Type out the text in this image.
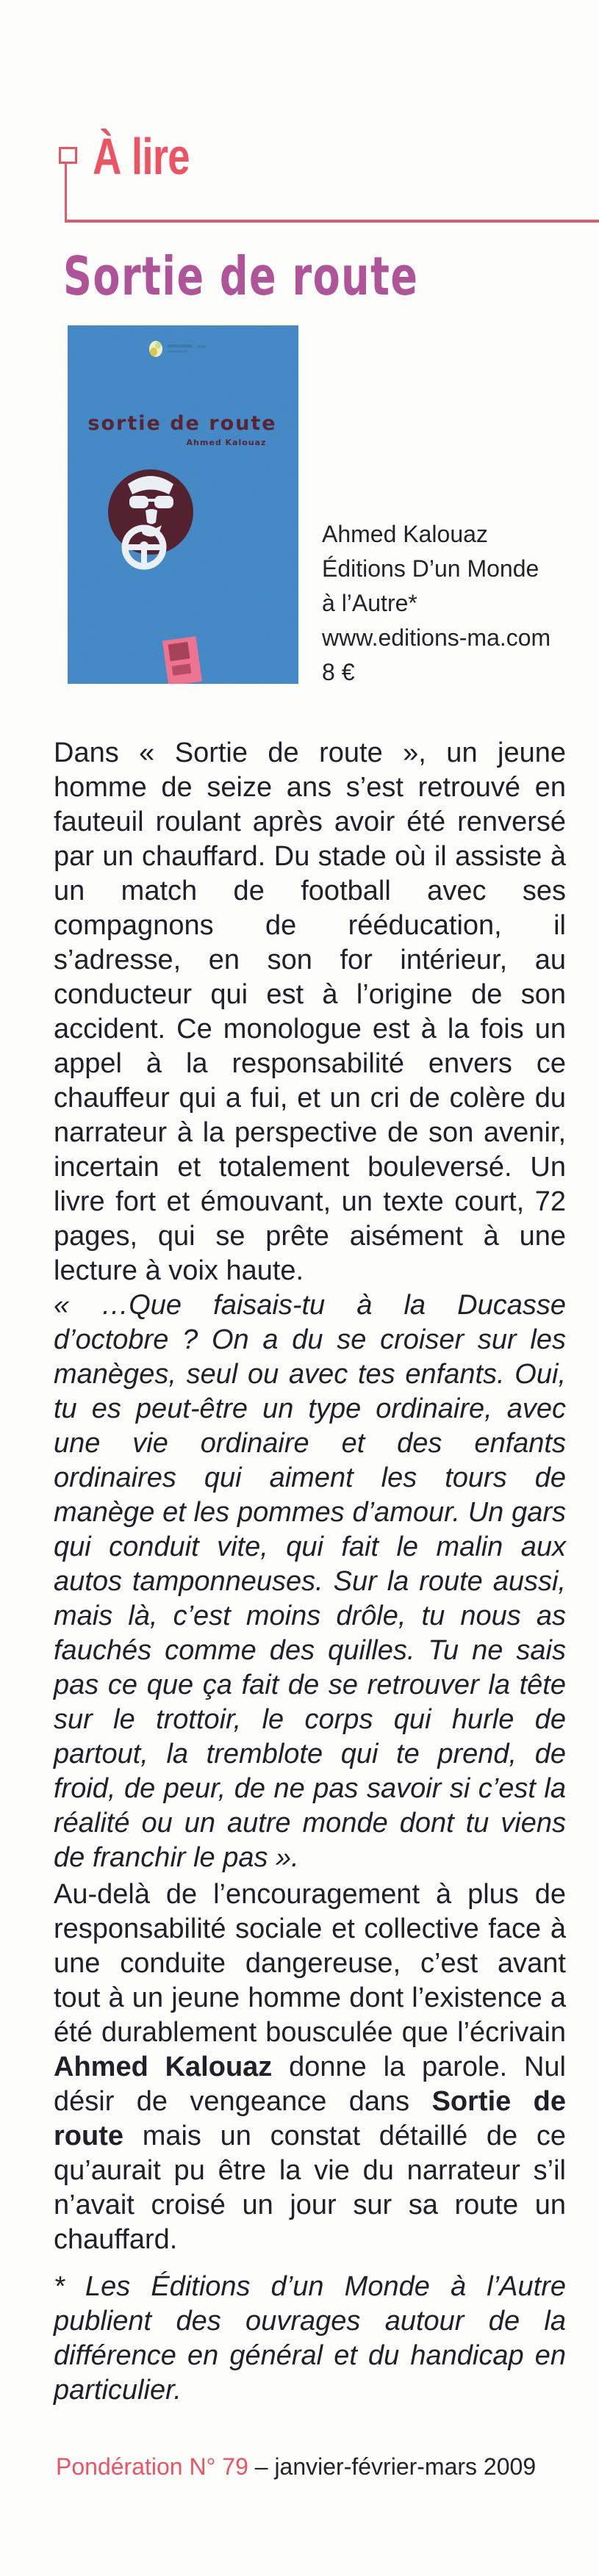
À lire
Sortie de route
sortie de route
Ahmed Kalouaz
Ahmed Kalouaz
Éditions D’un Monde
à l’Autre*
www.editions-ma.com
8 €

Dans « Sortie de route », un jeune homme de seize ans s’est retrouvé en fauteuil roulant après avoir été renversé par un chauffard. Du stade où il assiste à un match de football avec ses compagnons de rééducation, il s’adresse, en son for intérieur, au conducteur qui est à l’origine de son accident. Ce monologue est à la fois un appel à la responsabilité envers ce chauffeur qui a fui, et un cri de colère du narrateur à la perspective de son avenir, incertain et totalement bouleversé. Un livre fort et émouvant, un texte court, 72 pages, qui se prête aisément à une lecture à voix haute.

« …Que faisais-tu à la Ducasse d’octobre ? On a du se croiser sur les manèges, seul ou avec tes enfants. Oui, tu es peut-être un type ordinaire, avec une vie ordinaire et des enfants ordinaires qui aiment les tours de manège et les pommes d’amour. Un gars qui conduit vite, qui fait le malin aux autos tamponneuses. Sur la route aussi, mais là, c’est moins drôle, tu nous as fauchés comme des quilles. Tu ne sais pas ce que ça fait de se retrouver la tête sur le trottoir, le corps qui hurle de partout, la tremblote qui te prend, de froid, de peur, de ne pas savoir si c’est la réalité ou un autre monde dont tu viens de franchir le pas ».

Au-delà de l’encouragement à plus de responsabilité sociale et collective face à une conduite dangereuse, c’est avant tout à un jeune homme dont l’existence a été durablement bousculée que l’écrivain Ahmed Kalouaz donne la parole. Nul désir de vengeance dans Sortie de route mais un constat détaillé de ce qu’aurait pu être la vie du narrateur s’il n’avait croisé un jour sur sa route un chauffard.

* Les Éditions d’un Monde à l’Autre publient des ouvrages autour de la différence en général et du handicap en particulier.

Pondération N° 79 – janvier-février-mars 2009
